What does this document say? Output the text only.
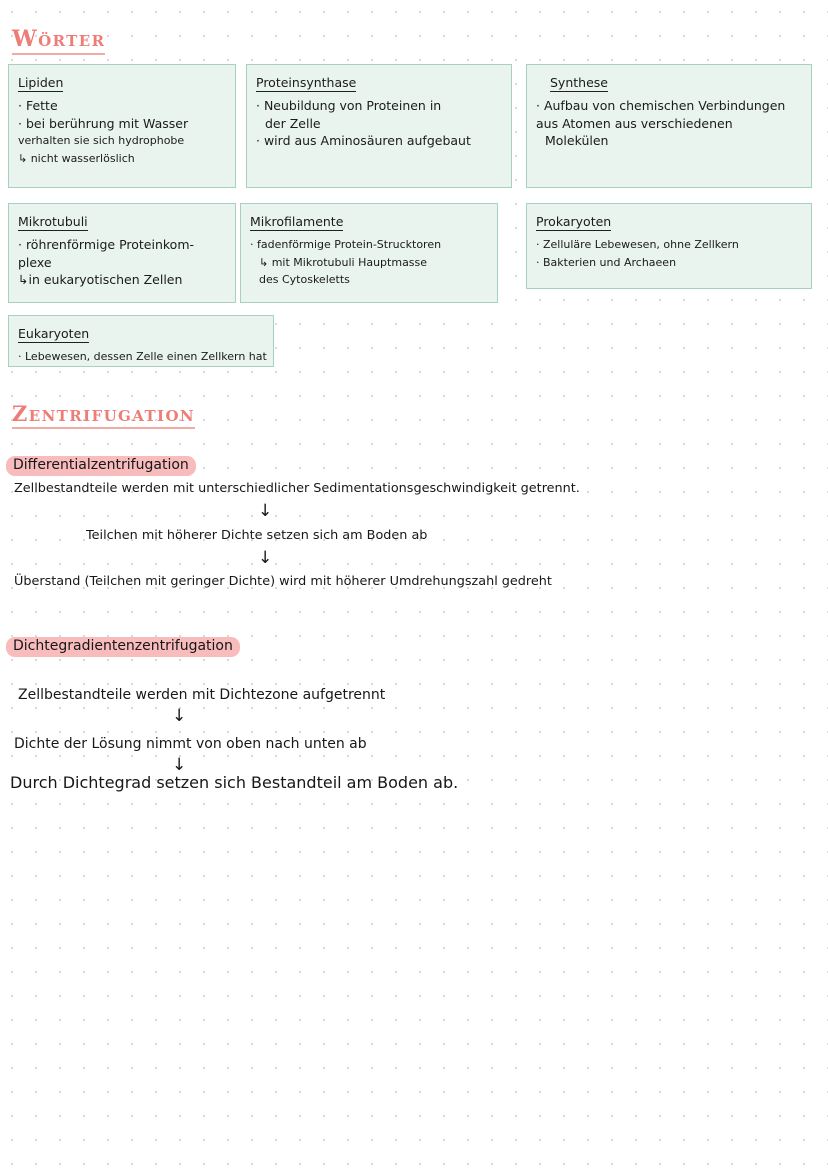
Wörter
Lipiden
· Fette
· bei berührung mit Wasser
verhalten sie sich hydrophobe
↳ nicht wasserlöslich
Proteinsynthase
· Neubildung von Proteinen in
der Zelle
· wird aus Aminosäuren aufgebaut
Synthese
· Aufbau von chemischen Verbindungen
aus Atomen aus verschiedenen
Molekülen
Mikrotubuli
· röhrenförmige Proteinkom-
plexe
↳in eukaryotischen Zellen
Mikrofilamente
· fadenförmige Protein-Strucktoren
↳ mit Mikrotubuli Hauptmasse
des Cytoskeletts
Prokaryoten
· Zelluläre Lebewesen, ohne Zellkern
· Bakterien und Archaeen
Eukaryoten
· Lebewesen, dessen Zelle einen Zellkern hat
Zentrifugation
Differentialzentrifugation
Zellbestandteile werden mit unterschiedlicher Sedimentationsgeschwindigkeit getrennt.
↓
Teilchen mit höherer Dichte setzen sich am Boden ab
↓
Überstand (Teilchen mit geringer Dichte) wird mit höherer Umdrehungszahl gedreht
Dichtegradientenzentrifugation
Zellbestandteile werden mit Dichtezone aufgetrennt
↓
Dichte der Lösung nimmt von oben nach unten ab
↓
Durch Dichtegrad setzen sich Bestandteil am Boden ab.
